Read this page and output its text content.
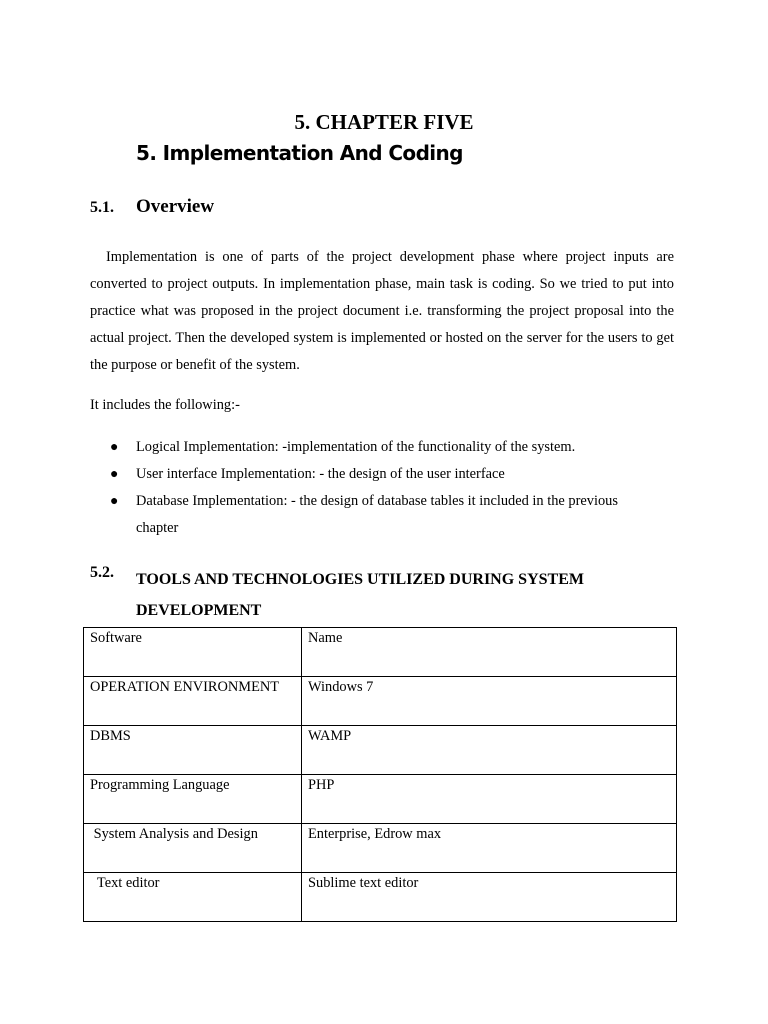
5. CHAPTER FIVE
5. Implementation And Coding
5.1. Overview

Implementation is one of parts of the project development phase where project inputs are converted to project outputs. In implementation phase, main task is coding. So we tried to put into practice what was proposed in the project document i.e. transforming the project proposal into the actual project. Then the developed system is implemented or hosted on the server for the users to get the purpose or benefit of the system.

It includes the following:-
● Logical Implementation: -implementation of the functionality of the system.
● User interface Implementation: - the design of the user interface
● Database Implementation: - the design of database tables it included in the previous chapter
5.2. TOOLS AND TECHNOLOGIES UTILIZED DURING SYSTEM DEVELOPMENT
Software	Name
OPERATION ENVIRONMENT	Windows 7
DBMS	WAMP
Programming Language	PHP
System Analysis and Design	Enterprise, Edrow max
Text editor	Sublime text editor
